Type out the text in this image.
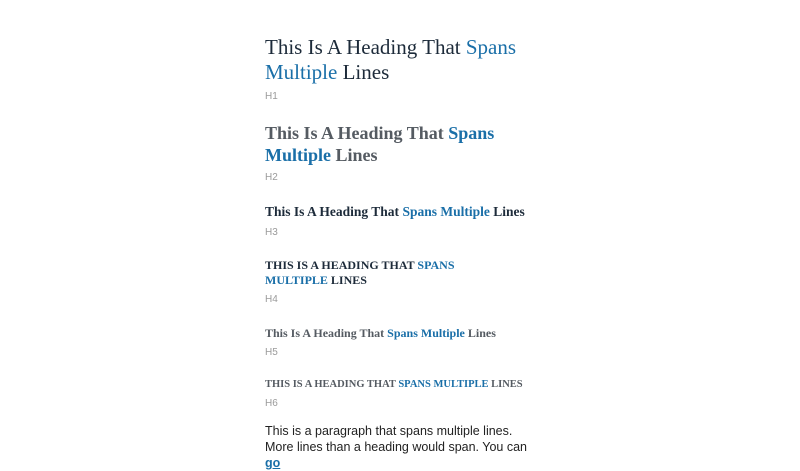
This Is A Heading That Spans Multiple Lines

H1

This Is A Heading That Spans Multiple Lines

H2

This Is A Heading That Spans Multiple Lines

H3

THIS IS A HEADING THAT SPANS MULTIPLE LINES

H4

This Is A Heading That Spans Multiple Lines

H5

THIS IS A HEADING THAT SPANS MULTIPLE LINES

H6

This is a paragraph that spans multiple lines. More lines than a heading would span. You can go
